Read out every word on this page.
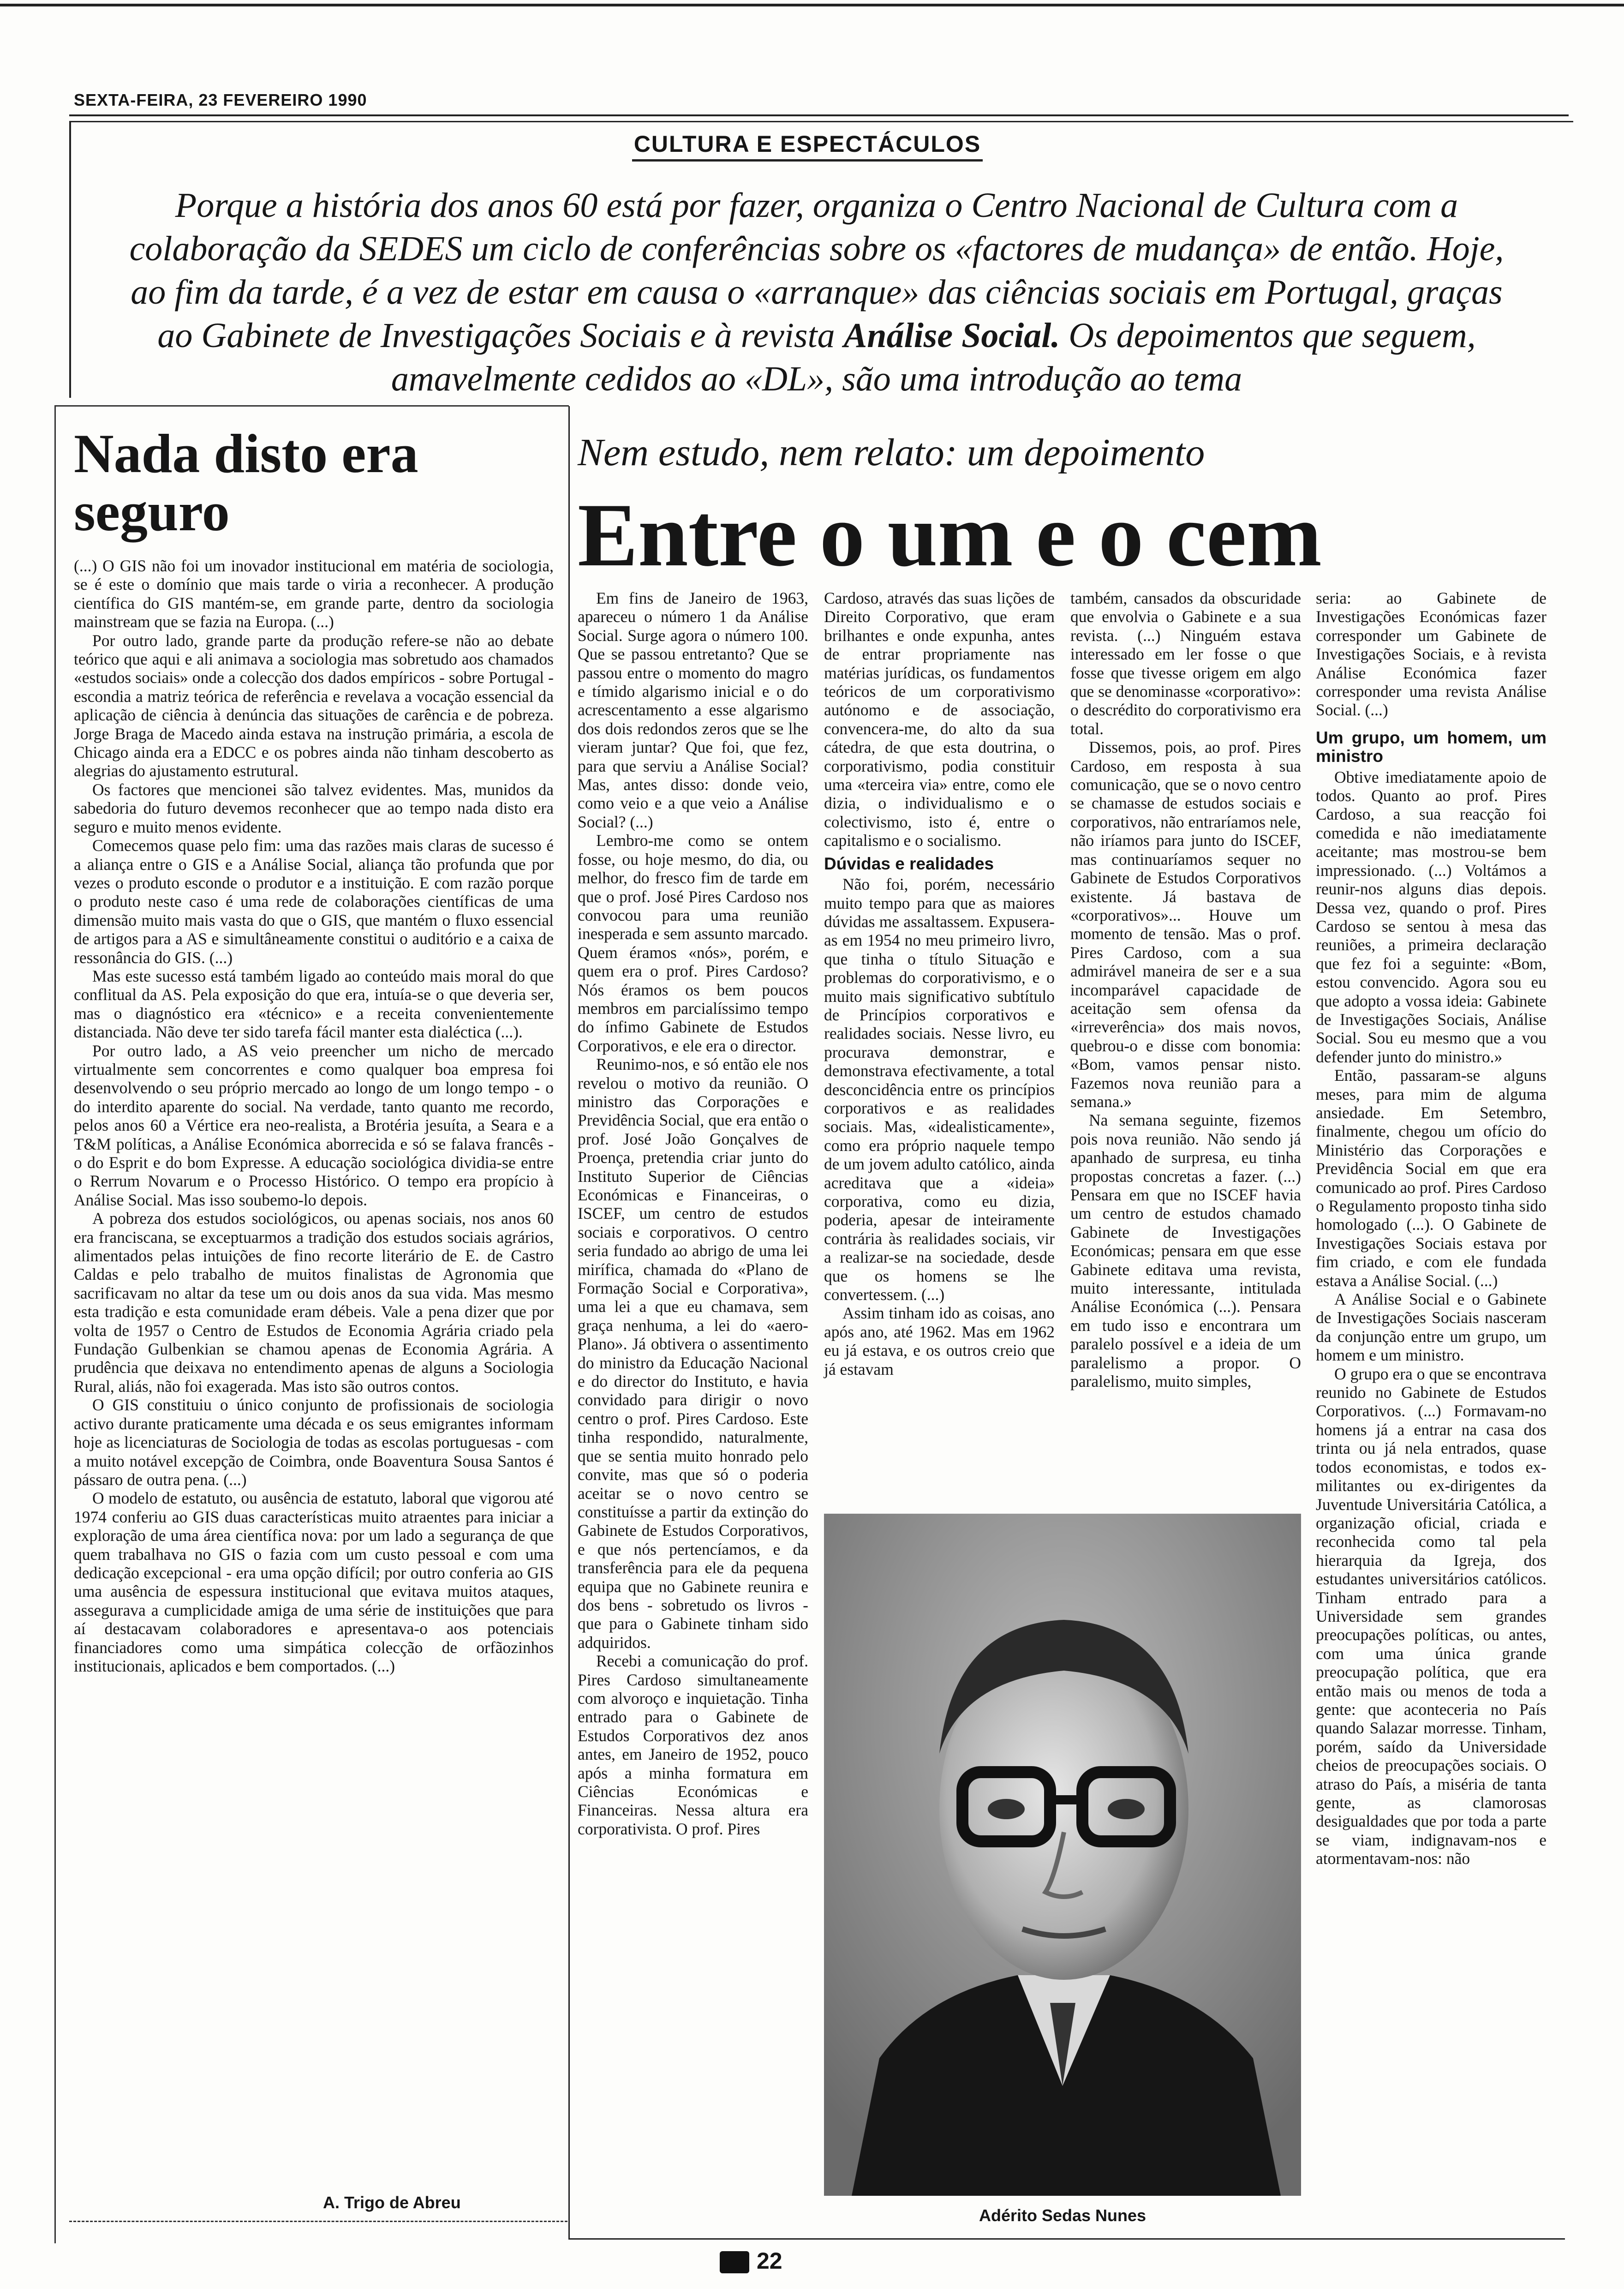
SEXTA-FEIRA, 23 FEVEREIRO 1990
CULTURA E ESPECTÁCULOS
Porque a história dos anos 60 está por fazer, organiza o Centro Nacional de Cultura com a colaboração da SEDES um ciclo de conferências sobre os «factores de mudança» de então. Hoje, ao fim da tarde, é a vez de estar em causa o «arranque» das ciências sociais em Portugal, graças ao Gabinete de Investigações Sociais e à revista Análise Social. Os depoimentos que seguem, amavelmente cedidos ao «DL», são uma introdução ao tema
Nada disto era seguro

(...) O GIS não foi um inovador institucional em matéria de sociologia, se é este o domínio que mais tarde o viria a reconhecer. A produção científica do GIS mantém-se, em grande parte, dentro da sociologia mainstream que se fazia na Europa. (...)

Por outro lado, grande parte da produção refere-se não ao debate teórico que aqui e ali animava a sociologia mas sobretudo aos chamados «estudos sociais» onde a colecção dos dados empíricos - sobre Portugal - escondia a matriz teórica de referência e revelava a vocação essencial da aplicação de ciência à denúncia das situações de carência e de pobreza. Jorge Braga de Macedo ainda estava na instrução primária, a escola de Chicago ainda era a EDCC e os pobres ainda não tinham descoberto as alegrias do ajustamento estrutural.

Os factores que mencionei são talvez evidentes. Mas, munidos da sabedoria do futuro devemos reconhecer que ao tempo nada disto era seguro e muito menos evidente.

Comecemos quase pelo fim: uma das razões mais claras de sucesso é a aliança entre o GIS e a Análise Social, aliança tão profunda que por vezes o produto esconde o produtor e a instituição. E com razão porque o produto neste caso é uma rede de colaborações científicas de uma dimensão muito mais vasta do que o GIS, que mantém o fluxo essencial de artigos para a AS e simultâneamente constitui o auditório e a caixa de ressonância do GIS. (...)

Mas este sucesso está também ligado ao conteúdo mais moral do que conflitual da AS. Pela exposição do que era, intuía-se o que deveria ser, mas o diagnóstico era «técnico» e a receita convenientemente distanciada. Não deve ter sido tarefa fácil manter esta dialéctica (...).

Por outro lado, a AS veio preencher um nicho de mercado virtualmente sem concorrentes e como qualquer boa empresa foi desenvolvendo o seu próprio mercado ao longo de um longo tempo - o do interdito aparente do social. Na verdade, tanto quanto me recordo, pelos anos 60 a Vértice era neo-realista, a Brotéria jesuíta, a Seara e a T&M políticas, a Análise Económica aborrecida e só se falava francês - o do Esprit e do bom Expresse. A educação sociológica dividia-se entre o Rerrum Novarum e o Processo Histórico. O tempo era propício à Análise Social. Mas isso soubemo-lo depois.

A pobreza dos estudos sociológicos, ou apenas sociais, nos anos 60 era franciscana, se exceptuarmos a tradição dos estudos sociais agrários, alimentados pelas intuições de fino recorte literário de E. de Castro Caldas e pelo trabalho de muitos finalistas de Agronomia que sacrificavam no altar da tese um ou dois anos da sua vida. Mas mesmo esta tradição e esta comunidade eram débeis. Vale a pena dizer que por volta de 1957 o Centro de Estudos de Economia Agrária criado pela Fundação Gulbenkian se chamou apenas de Economia Agrária. A prudência que deixava no entendimento apenas de alguns a Sociologia Rural, aliás, não foi exagerada. Mas isto são outros contos.

O GIS constituiu o único conjunto de profissionais de sociologia activo durante praticamente uma década e os seus emigrantes informam hoje as licenciaturas de Sociologia de todas as escolas portuguesas - com a muito notável excepção de Coimbra, onde Boaventura Sousa Santos é pássaro de outra pena. (...)

O modelo de estatuto, ou ausência de estatuto, laboral que vigorou até 1974 conferiu ao GIS duas características muito atraentes para iniciar a exploração de uma área científica nova: por um lado a segurança de que quem trabalhava no GIS o fazia com um custo pessoal e com uma dedicação excepcional - era uma opção difícil; por outro conferia ao GIS uma ausência de espessura institucional que evitava muitos ataques, assegurava a cumplicidade amiga de uma série de instituições que para aí destacavam colaboradores e apresentava-o aos potenciais financiadores como uma simpática colecção de orfãozinhos institucionais, aplicados e bem comportados. (...)

A. Trigo de Abreu
Nem estudo, nem relato: um depoimento
Entre o um e o cem

Em fins de Janeiro de 1963, apareceu o número 1 da Análise Social. Surge agora o número 100. Que se passou entretanto? Que se passou entre o momento do magro e tímido algarismo inicial e o do acrescentamento a esse algarismo dos dois redondos zeros que se lhe vieram juntar? Que foi, que fez, para que serviu a Análise Social? Mas, antes disso: donde veio, como veio e a que veio a Análise Social? (...)

Lembro-me como se ontem fosse, ou hoje mesmo, do dia, ou melhor, do fresco fim de tarde em que o prof. José Pires Cardoso nos convocou para uma reunião inesperada e sem assunto marcado. Quem éramos «nós», porém, e quem era o prof. Pires Cardoso? Nós éramos os bem poucos membros em parcialíssimo tempo do ínfimo Gabinete de Estudos Corporativos, e ele era o director.

Reunimo-nos, e só então ele nos revelou o motivo da reunião. O ministro das Corporações e Previdência Social, que era então o prof. José João Gonçalves de Proença, pretendia criar junto do Instituto Superior de Ciências Económicas e Financeiras, o ISCEF, um centro de estudos sociais e corporativos. O centro seria fundado ao abrigo de uma lei mirífica, chamada do «Plano de Formação Social e Corporativa», uma lei a que eu chamava, sem graça nenhuma, a lei do «aero-Plano». Já obtivera o assentimento do ministro da Educação Nacional e do director do Instituto, e havia convidado para dirigir o novo centro o prof. Pires Cardoso. Este tinha respondido, naturalmente, que se sentia muito honrado pelo convite, mas que só o poderia aceitar se o novo centro se constituísse a partir da extinção do Gabinete de Estudos Corporativos, e que nós pertencíamos, e da transferência para ele da pequena equipa que no Gabinete reunira e dos bens - sobretudo os livros - que para o Gabinete tinham sido adquiridos.

Recebi a comunicação do prof. Pires Cardoso simultaneamente com alvoroço e inquietação. Tinha entrado para o Gabinete de Estudos Corporativos dez anos antes, em Janeiro de 1952, pouco após a minha formatura em Ciências Económicas e Financeiras. Nessa altura era corporativista. O prof. Pires

Cardoso, através das suas lições de Direito Corporativo, que eram brilhantes e onde expunha, antes de entrar propriamente nas matérias jurídicas, os fundamentos teóricos de um corporativismo autónomo e de associação, convencera-me, do alto da sua cátedra, de que esta doutrina, o corporativismo, podia constituir uma «terceira via» entre, como ele dizia, o individualismo e o colectivismo, isto é, entre o capitalismo e o socialismo.

Dúvidas e realidades

Não foi, porém, necessário muito tempo para que as maiores dúvidas me assaltassem. Expusera-as em 1954 no meu primeiro livro, que tinha o título Situação e problemas do corporativismo, e o muito mais significativo subtítulo de Princípios corporativos e realidades sociais. Nesse livro, eu procurava demonstrar, e demonstrava efectivamente, a total desconcidência entre os princípios corporativos e as realidades sociais. Mas, «idealisticamente», como era próprio naquele tempo de um jovem adulto católico, ainda acreditava que a «ideia» corporativa, como eu dizia, poderia, apesar de inteiramente contrária às realidades sociais, vir a realizar-se na sociedade, desde que os homens se lhe convertessem. (...)

Assim tinham ido as coisas, ano após ano, até 1962. Mas em 1962 eu já estava, e os outros creio que já estavam

também, cansados da obscuridade que envolvia o Gabinete e a sua revista. (...) Ninguém estava interessado em ler fosse o que fosse que tivesse origem em algo que se denominasse «corporativo»: o descrédito do corporativismo era total.

Dissemos, pois, ao prof. Pires Cardoso, em resposta à sua comunicação, que se o novo centro se chamasse de estudos sociais e corporativos, não entraríamos nele, não iríamos para junto do ISCEF, mas continuaríamos sequer no Gabinete de Estudos Corporativos existente. Já bastava de «corporativos»... Houve um momento de tensão. Mas o prof. Pires Cardoso, com a sua admirável maneira de ser e a sua incomparável capacidade de aceitação sem ofensa da «irreverência» dos mais novos, quebrou-o e disse com bonomia: «Bom, vamos pensar nisto. Fazemos nova reunião para a semana.»

Na semana seguinte, fizemos pois nova reunião. Não sendo já apanhado de surpresa, eu tinha propostas concretas a fazer. (...) Pensara em que no ISCEF havia um centro de estudos chamado Gabinete de Investigações Económicas; pensara em que esse Gabinete editava uma revista, muito interessante, intitulada Análise Económica (...). Pensara em tudo isso e encontrara um paralelo possível e a ideia de um paralelismo a propor. O paralelismo, muito simples,

seria: ao Gabinete de Investigações Económicas fazer corresponder um Gabinete de Investigações Sociais, e à revista Análise Económica fazer corresponder uma revista Análise Social. (...)

Um grupo, um homem, um ministro

Obtive imediatamente apoio de todos. Quanto ao prof. Pires Cardoso, a sua reacção foi comedida e não imediatamente aceitante; mas mostrou-se bem impressionado. (...) Voltámos a reunir-nos alguns dias depois. Dessa vez, quando o prof. Pires Cardoso se sentou à mesa das reuniões, a primeira declaração que fez foi a seguinte: «Bom, estou convencido. Agora sou eu que adopto a vossa ideia: Gabinete de Investigações Sociais, Análise Social. Sou eu mesmo que a vou defender junto do ministro.»

Então, passaram-se alguns meses, para mim de alguma ansiedade. Em Setembro, finalmente, chegou um ofício do Ministério das Corporações e Previdência Social em que era comunicado ao prof. Pires Cardoso o Regulamento proposto tinha sido homologado (...). O Gabinete de Investigações Sociais estava por fim criado, e com ele fundada estava a Análise Social. (...)

A Análise Social e o Gabinete de Investigações Sociais nasceram da conjunção entre um grupo, um homem e um ministro.

O grupo era o que se encontrava reunido no Gabinete de Estudos Corporativos. (...) Formavam-no homens já a entrar na casa dos trinta ou já nela entrados, quase todos economistas, e todos ex-militantes ou ex-dirigentes da Juventude Universitária Católica, a organização oficial, criada e reconhecida como tal pela hierarquia da Igreja, dos estudantes universitários católicos. Tinham entrado para a Universidade sem grandes preocupações políticas, ou antes, com uma única grande preocupação política, que era então mais ou menos de toda a gente: que aconteceria no País quando Salazar morresse. Tinham, porém, saído da Universidade cheios de preocupações sociais. O atraso do País, a miséria de tanta gente, as clamorosas desigualdades que por toda a parte se viam, indignavam-nos e atormentavam-nos: não

Adérito Sedas Nunes
22
